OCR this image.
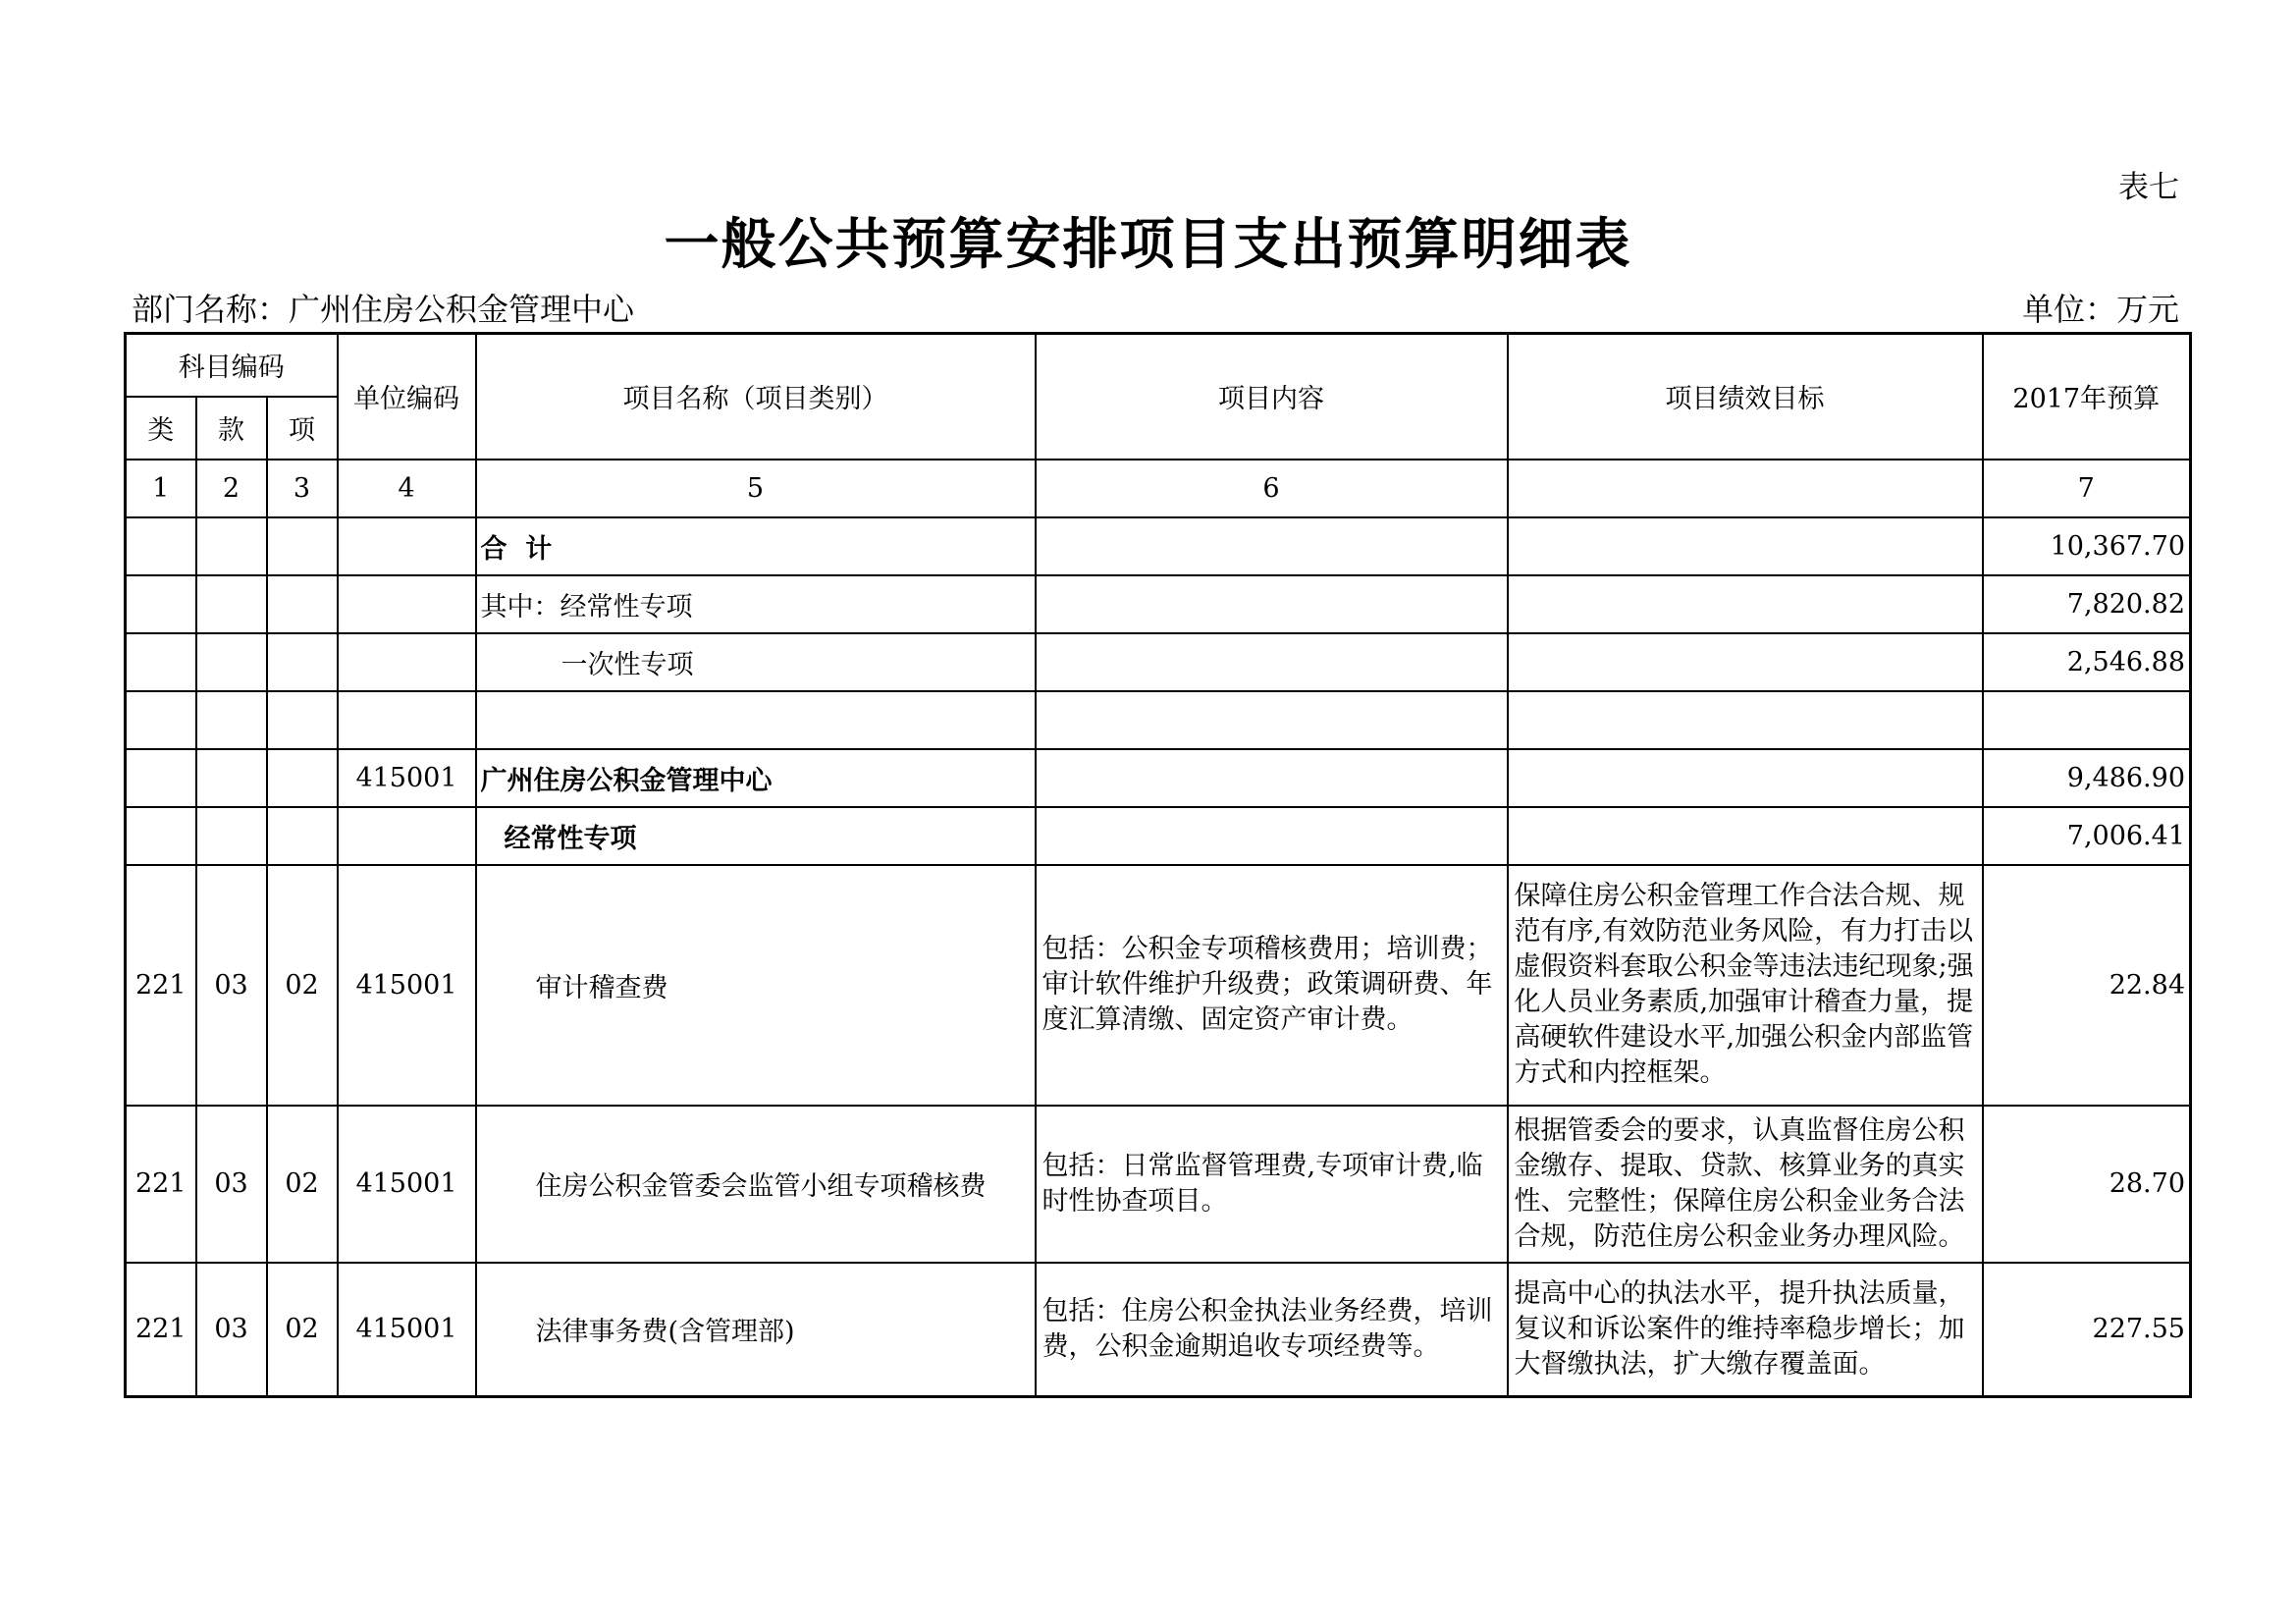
表七
一般公共预算安排项目支出预算明细表
部门名称：广州住房公积金管理中心	单位：万元
科目编码			单位编码	项目名称（项目类别）	项目内容	项目绩效目标	2017年预算
类	款	项					
1	2	3	4	5	6		7
				合  计			10,367.70
				其中：经常性专项			7,820.82
				一次性专项			2,546.88

			415001	广州住房公积金管理中心			9,486.90
				经常性专项			7,006.41
221	03	02	415001	审计稽查费	包括：公积金专项稽核费用；培训费；审计软件维护升级费；政策调研费、年度汇算清缴、固定资产审计费。	保障住房公积金管理工作合法合规、规范有序,有效防范业务风险，有力打击以虚假资料套取公积金等违法违纪现象;强化人员业务素质,加强审计稽查力量，提高硬软件建设水平,加强公积金内部监管方式和内控框架。	22.84
221	03	02	415001	住房公积金管委会监管小组专项稽核费	包括：日常监督管理费,专项审计费,临时性协查项目。	根据管委会的要求，认真监督住房公积金缴存、提取、贷款、核算业务的真实性、完整性；保障住房公积金业务合法合规，防范住房公积金业务办理风险。	28.70
221	03	02	415001	法律事务费(含管理部)	包括：住房公积金执法业务经费，培训费，公积金逾期追收专项经费等。	提高中心的执法水平，提升执法质量，复议和诉讼案件的维持率稳步增长；加大督缴执法，扩大缴存覆盖面。	227.55
